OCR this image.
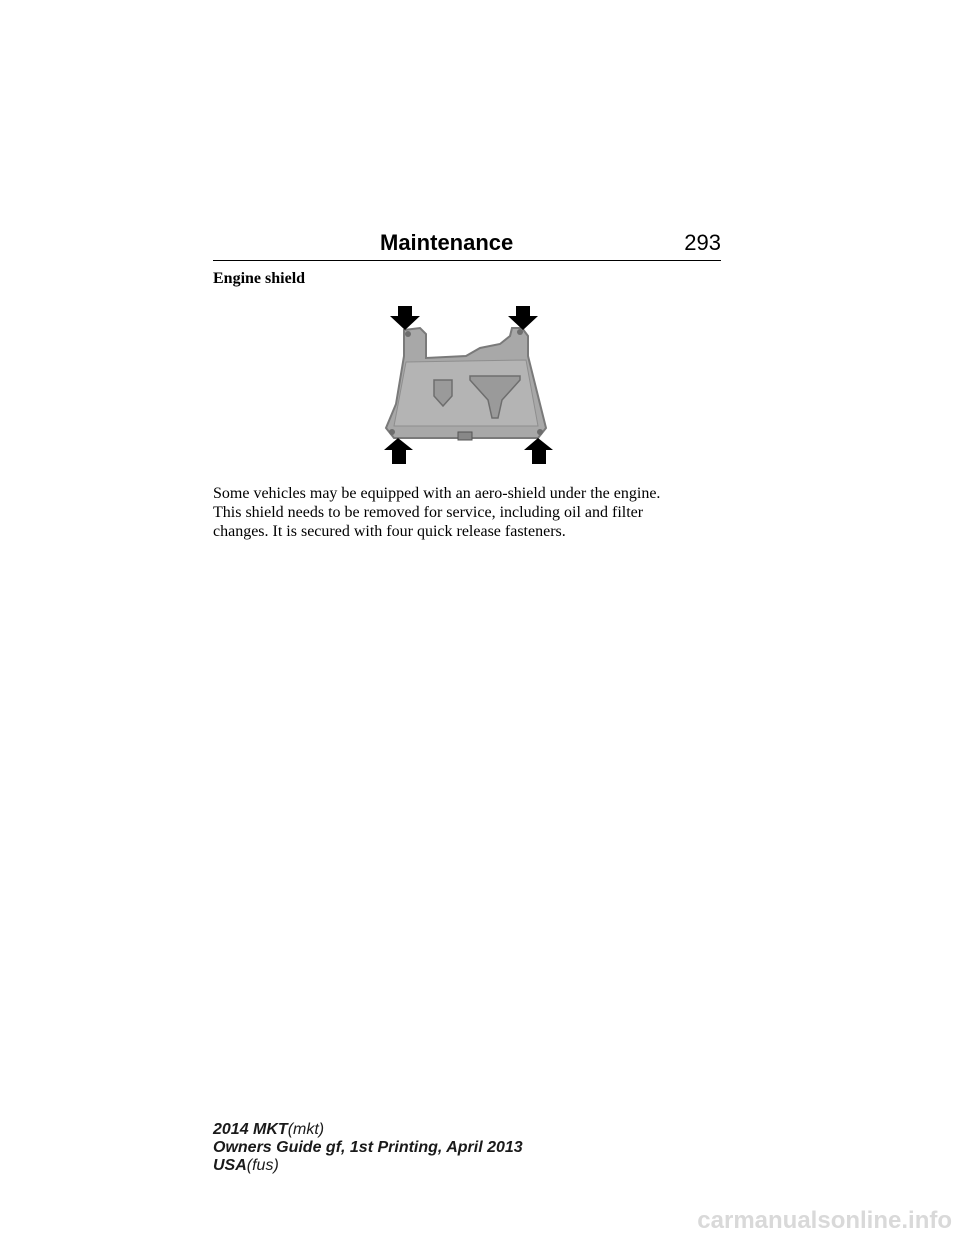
Maintenance	293
Engine shield
Some vehicles may be equipped with an aero-shield under the engine.
This shield needs to be removed for service, including oil and filter
changes. It is secured with four quick release fasteners.
2014 MKT(mkt)
Owners Guide gf, 1st Printing, April 2013
USA(fus)
carmanualsonline.info
